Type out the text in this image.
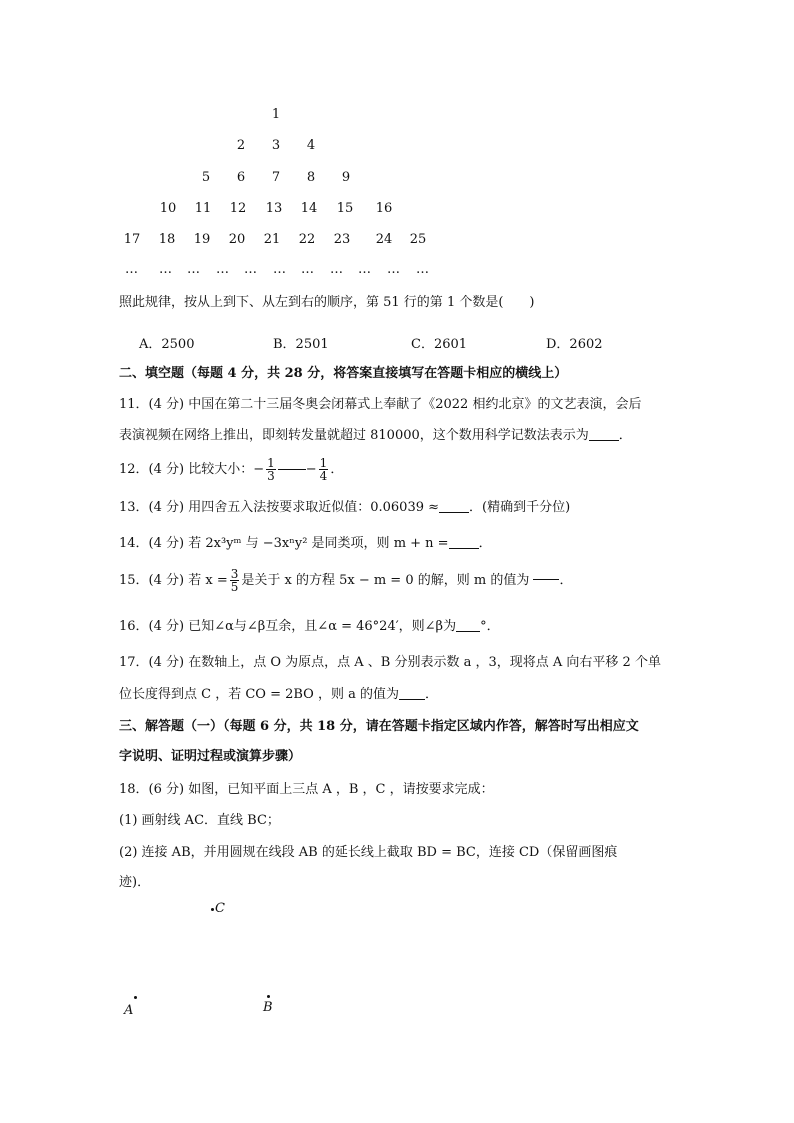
1
2 3 4
5 6 7 8 9
10 11 12 13 14 15 16
17 18 19 20 21 22 23 24 25
… … … … … … … … … … …
照此规律，按从上到下、从左到右的顺序，第 51 行的第 1 个数是(　　)
A．2500	B．2501	C．2601	D．2602
二、填空题（每题 4 分，共 28 分，将答案直接填写在答题卡相应的横线上）
11．(4 分) 中国在第二十三届冬奥会闭幕式上奉献了《2022 相约北京》的文艺表演，会后
表演视频在网络上推出，即刻转发量就超过 810000，这个数用科学记数法表示为 ．
12．(4 分) 比较大小：− $\frac{1}{3} - \frac{1}{4}$ ．
13．(4 分) 用四舍五入法按要求取近似值：0.06039 ≈ ．(精确到千分位)
14．(4 分) 若 2x³yᵐ 与 −3xⁿy² 是同类项，则 m + n = ．
15．(4 分) 若 $x = \frac{3}{5}$ 是关于 x 的方程 5x − m = 0 的解，则 m 的值为 ．
16．(4 分) 已知∠α与∠β互余，且∠α = 46°24′，则∠β为 °．
17．(4 分) 在数轴上，点 O 为原点，点 A 、B 分别表示数 a ，3，现将点 A 向右平移 2 个单
位长度得到点 C ，若 CO = 2BO ，则 a 的值为 ．
三、解答题（一）（每题 6 分，共 18 分，请在答题卡指定区域内作答，解答时写出相应文
字说明、证明过程或演算步骤）
18．(6 分) 如图，已知平面上三点 A ，B ，C ，请按要求完成：
(1) 画射线 AC．直线 BC；
(2) 连接 AB，并用圆规在线段 AB 的延长线上截取 BD = BC，连接 CD（保留画图痕
迹)．
C
A	B
